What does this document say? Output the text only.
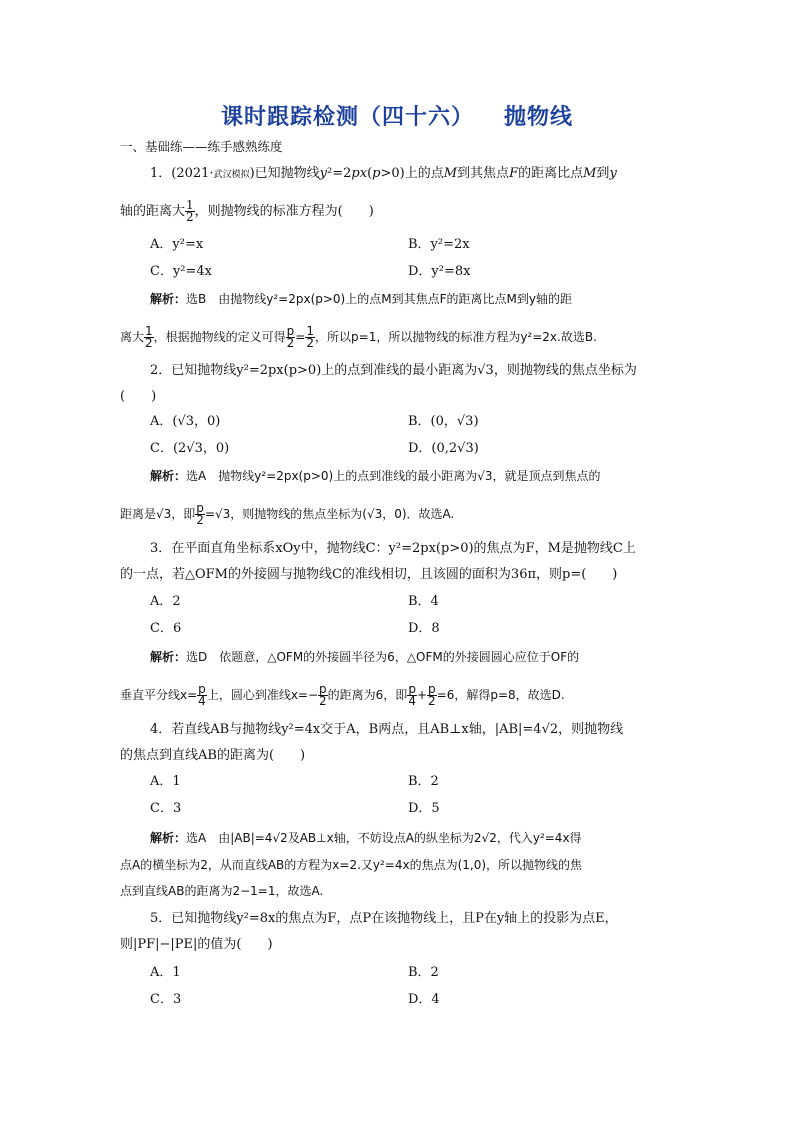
课时跟踪检测（四十六） 抛物线
一、基础练——练手感熟练度
1．(2021·武汉模拟)已知抛物线y²=2px(p>0)上的点M到其焦点F的距离比点M到y
轴的距离大 $\frac{1}{2}$ ，则抛物线的标准方程为(　　)
A．y²=x	B．y²=2x
C．y²=4x	D．y²=8x
解析：选B　由抛物线y²=2px(p>0)上的点M到其焦点F的距离比点M到y轴的距
离大 $\frac{1}{2}$ ，根据抛物线的定义可得 $\frac{p}{2} = \frac{1}{2}$ ，所以p=1，所以抛物线的标准方程为y²=2x.故选B.
2．已知抛物线y²=2px(p>0)上的点到准线的最小距离为√3，则抛物线的焦点坐标为
(　　)
A．(√3，0)	B．(0，√3)
C．(2√3，0)	D．(0,2√3)
解析：选A　抛物线y²=2px(p>0)上的点到准线的最小距离为√3，就是顶点到焦点的
距离是√3，即 $\frac{p}{2} =√3$，则抛物线的焦点坐标为(√3，0)．故选A.
3．在平面直角坐标系xOy中，抛物线C：y²=2px(p>0)的焦点为F，M是抛物线C上
的一点，若△OFM的外接圆与抛物线C的准线相切，且该圆的面积为36π，则p=(　　)
A．2	B．4
C．6	D．8
解析：选D　依题意，△OFM的外接圆半径为6，△OFM的外接圆圆心应位于OF的
垂直平分线$x= \frac{p}{4}$ 上，圆心到准线$x=- \frac{p}{2}$ 的距离为6，即 $\frac{p}{4} + \frac{p}{2} =6$，解得p=8，故选D.
4．若直线AB与抛物线y²=4x交于A，B两点，且AB⊥x轴，|AB|=4√2，则抛物线
的焦点到直线AB的距离为(　　)
A．1	B．2
C．3	D．5
解析：选A　由|AB|=4√2及AB⊥x轴，不妨设点A的纵坐标为2√2，代入y²=4x得
点A的横坐标为2，从而直线AB的方程为x=2.又y²=4x的焦点为(1,0)，所以抛物线的焦
点到直线AB的距离为2−1=1，故选A.
5．已知抛物线y²=8x的焦点为F，点P在该抛物线上，且P在y轴上的投影为点E，
则|PF|−|PE|的值为(　　)
A．1	B．2
C．3	D．4
